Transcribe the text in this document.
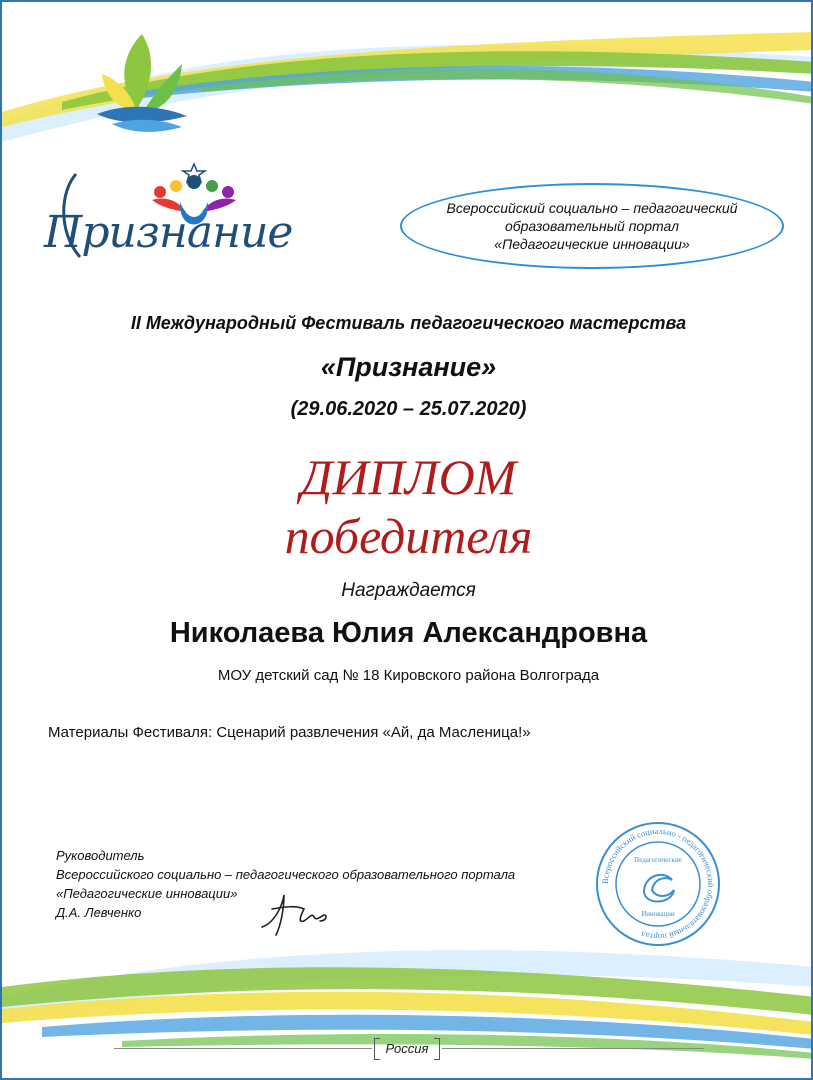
Признание	Всероссийский социально – педагогический
образовательный портал
«Педагогические инновации»
II Международный Фестиваль педагогического мастерства
«Признание»
(29.06.2020 – 25.07.2020)
ДИПЛОМ
победителя
Награждается
Николаева Юлия Александровна
МОУ детский сад № 18 Кировского района Волгограда
Материалы Фестиваля: Сценарий развлечения «Ай, да Масленица!»
Руководитель
Всероссийского социально – педагогического образовательного портала
«Педагогические инновации»
Д.А. Левченко
Всероссийский социально - педагогический образовательный портал
Педагогические
Инновации
Россия
